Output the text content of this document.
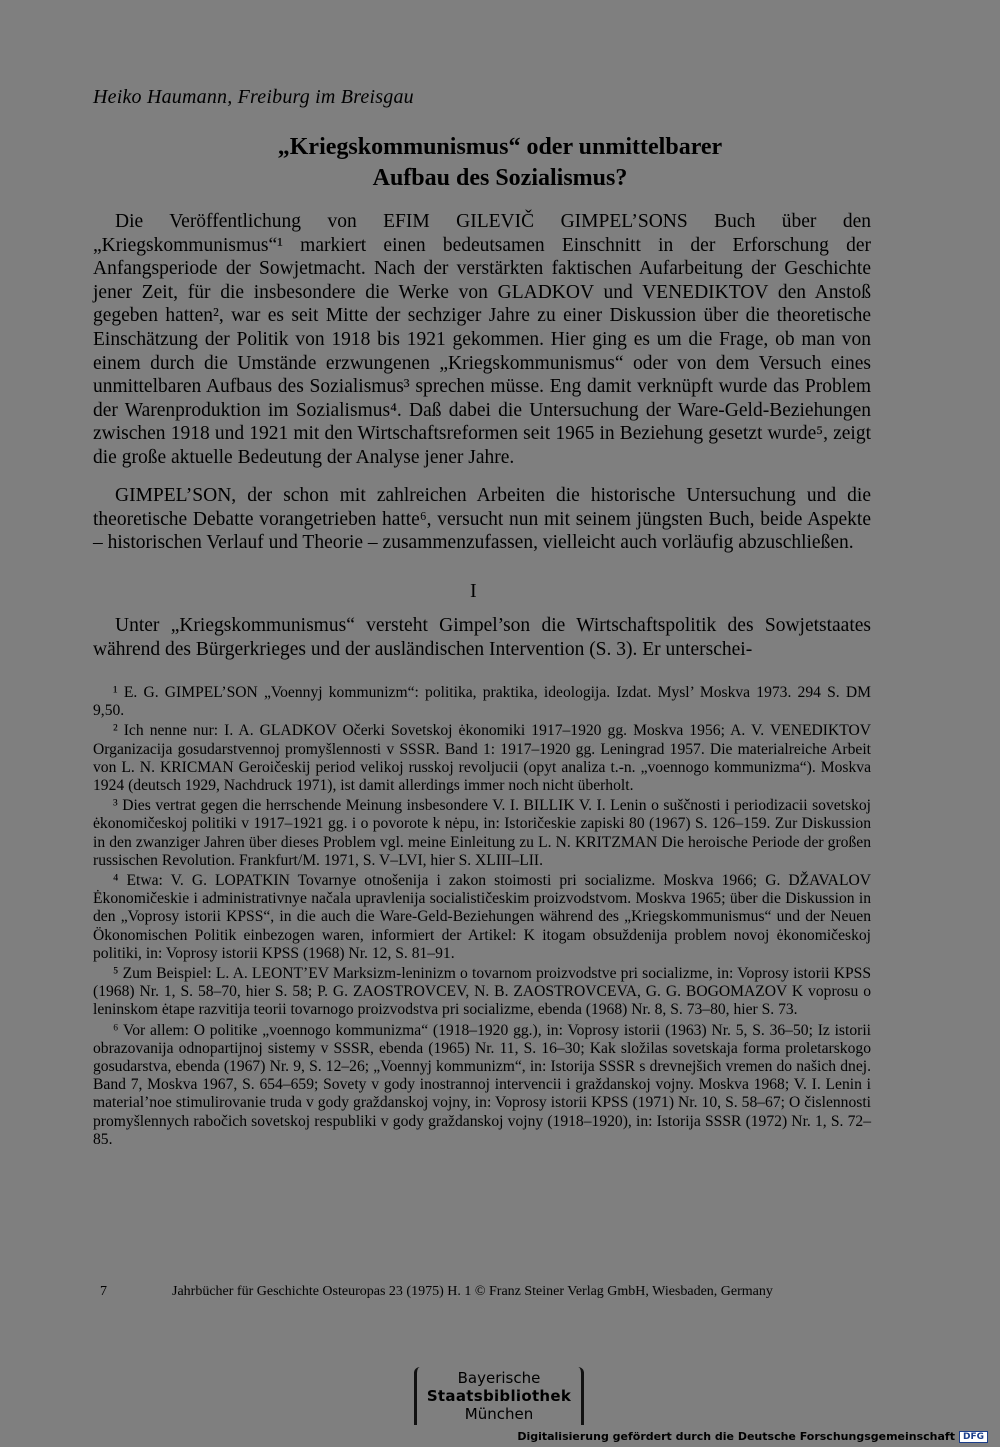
Heiko Haumann, Freiburg im Breisgau
„Kriegskommunismus“ oder unmittelbarer
Aufbau des Sozialismus?

Die Veröffentlichung von EFIM GILEVIČ GIMPEL’SONS Buch über den „Kriegskommunismus“¹ markiert einen bedeutsamen Einschnitt in der Erforschung der Anfangsperiode der Sowjetmacht. Nach der verstärkten faktischen Aufarbeitung der Geschichte jener Zeit, für die insbesondere die Werke von GLADKOV und VENEDIKTOV den Anstoß gegeben hatten², war es seit Mitte der sechziger Jahre zu einer Diskussion über die theoretische Einschätzung der Politik von 1918 bis 1921 gekommen. Hier ging es um die Frage, ob man von einem durch die Umstände erzwungenen „Kriegskommunismus“ oder von dem Versuch eines unmittelbaren Aufbaus des Sozialismus³ sprechen müsse. Eng damit verknüpft wurde das Problem der Warenproduktion im Sozialismus⁴. Daß dabei die Untersuchung der Ware-Geld-Beziehungen zwischen 1918 und 1921 mit den Wirtschaftsreformen seit 1965 in Beziehung gesetzt wurde⁵, zeigt die große aktuelle Bedeutung der Analyse jener Jahre.

GIMPEL’SON, der schon mit zahlreichen Arbeiten die historische Untersuchung und die theoretische Debatte vorangetrieben hatte⁶, versucht nun mit seinem jüngsten Buch, beide Aspekte – historischen Verlauf und Theorie – zusammenzufassen, vielleicht auch vorläufig abzuschließen.

I

Unter „Kriegskommunismus“ versteht Gimpel’son die Wirtschaftspolitik des Sowjetstaates während des Bürgerkrieges und der ausländischen Intervention (S. 3). Er unterschei-

¹ E. G. GIMPEL’SON „Voennyj kommunizm“: politika, praktika, ideologija. Izdat. Mysl’ Moskva 1973. 294 S. DM 9,50.

² Ich nenne nur: I. A. GLADKOV Očerki Sovetskoj ėkonomiki 1917–1920 gg. Moskva 1956; A. V. VENEDIKTOV Organizacija gosudarstvennoj promyšlennosti v SSSR. Band 1: 1917–1920 gg. Leningrad 1957. Die materialreiche Arbeit von L. N. KRICMAN Geroičeskij period velikoj russkoj revoljucii (opyt analiza t.-n. „voennogo kommunizma“). Moskva 1924 (deutsch 1929, Nachdruck 1971), ist damit allerdings immer noch nicht überholt.

³ Dies vertrat gegen die herrschende Meinung insbesondere V. I. BILLIK V. I. Lenin o suščnosti i periodizacii sovetskoj ėkonomičeskoj politiki v 1917–1921 gg. i o povorote k nėpu, in: Istoričeskie zapiski 80 (1967) S. 126–159. Zur Diskussion in den zwanziger Jahren über dieses Problem vgl. meine Einleitung zu L. N. KRITZMAN Die heroische Periode der großen russischen Revolution. Frankfurt/M. 1971, S. V–LVI, hier S. XLIII–LII.

⁴ Etwa: V. G. LOPATKIN Tovarnye otnošenija i zakon stoimosti pri socializme. Moskva 1966; G. DŽAVALOV Ėkonomičeskie i administrativnye načala upravlenija socialističeskim proizvodstvom. Moskva 1965; über die Diskussion in den „Voprosy istorii KPSS“, in die auch die Ware-Geld-Beziehungen während des „Kriegskommunismus“ und der Neuen Ökonomischen Politik einbezogen waren, informiert der Artikel: K itogam obsuždenija problem novoj ėkonomičeskoj politiki, in: Voprosy istorii KPSS (1968) Nr. 12, S. 81–91.

⁵ Zum Beispiel: L. A. LEONT’EV Marksizm-leninizm o tovarnom proizvodstve pri socializme, in: Voprosy istorii KPSS (1968) Nr. 1, S. 58–70, hier S. 58; P. G. ZAOSTROVCEV, N. B. ZAOSTROVCEVA, G. G. BOGOMAZOV K voprosu o leninskom ėtape razvitija teorii tovarnogo proizvodstva pri socializme, ebenda (1968) Nr. 8, S. 73–80, hier S. 73.

⁶ Vor allem: O politike „voennogo kommunizma“ (1918–1920 gg.), in: Voprosy istorii (1963) Nr. 5, S. 36–50; Iz istorii obrazovanija odnopartijnoj sistemy v SSSR, ebenda (1965) Nr. 11, S. 16–30; Kak složilas sovetskaja forma proletarskogo gosudarstva, ebenda (1967) Nr. 9, S. 12–26; „Voennyj kommunizm“, in: Istorija SSSR s drevnejšich vremen do našich dnej. Band 7, Moskva 1967, S. 654–659; Sovety v gody inostrannoj intervencii i graždanskoj vojny. Moskva 1968; V. I. Lenin i material’noe stimulirovanie truda v gody graždanskoj vojny, in: Voprosy istorii KPSS (1971) Nr. 10, S. 58–67; O čislennosti promyšlennych rabočich sovetskoj respubliki v gody graždanskoj vojny (1918–1920), in: Istorija SSSR (1972) Nr. 1, S. 72–85.

7	Jahrbücher für Geschichte Osteuropas 23 (1975) H. 1 © Franz Steiner Verlag GmbH, Wiesbaden, Germany
Bayerische
Staatsbibliothek
München
Digitalisierung gefördert durch die Deutsche Forschungsgemeinschaft DFG
